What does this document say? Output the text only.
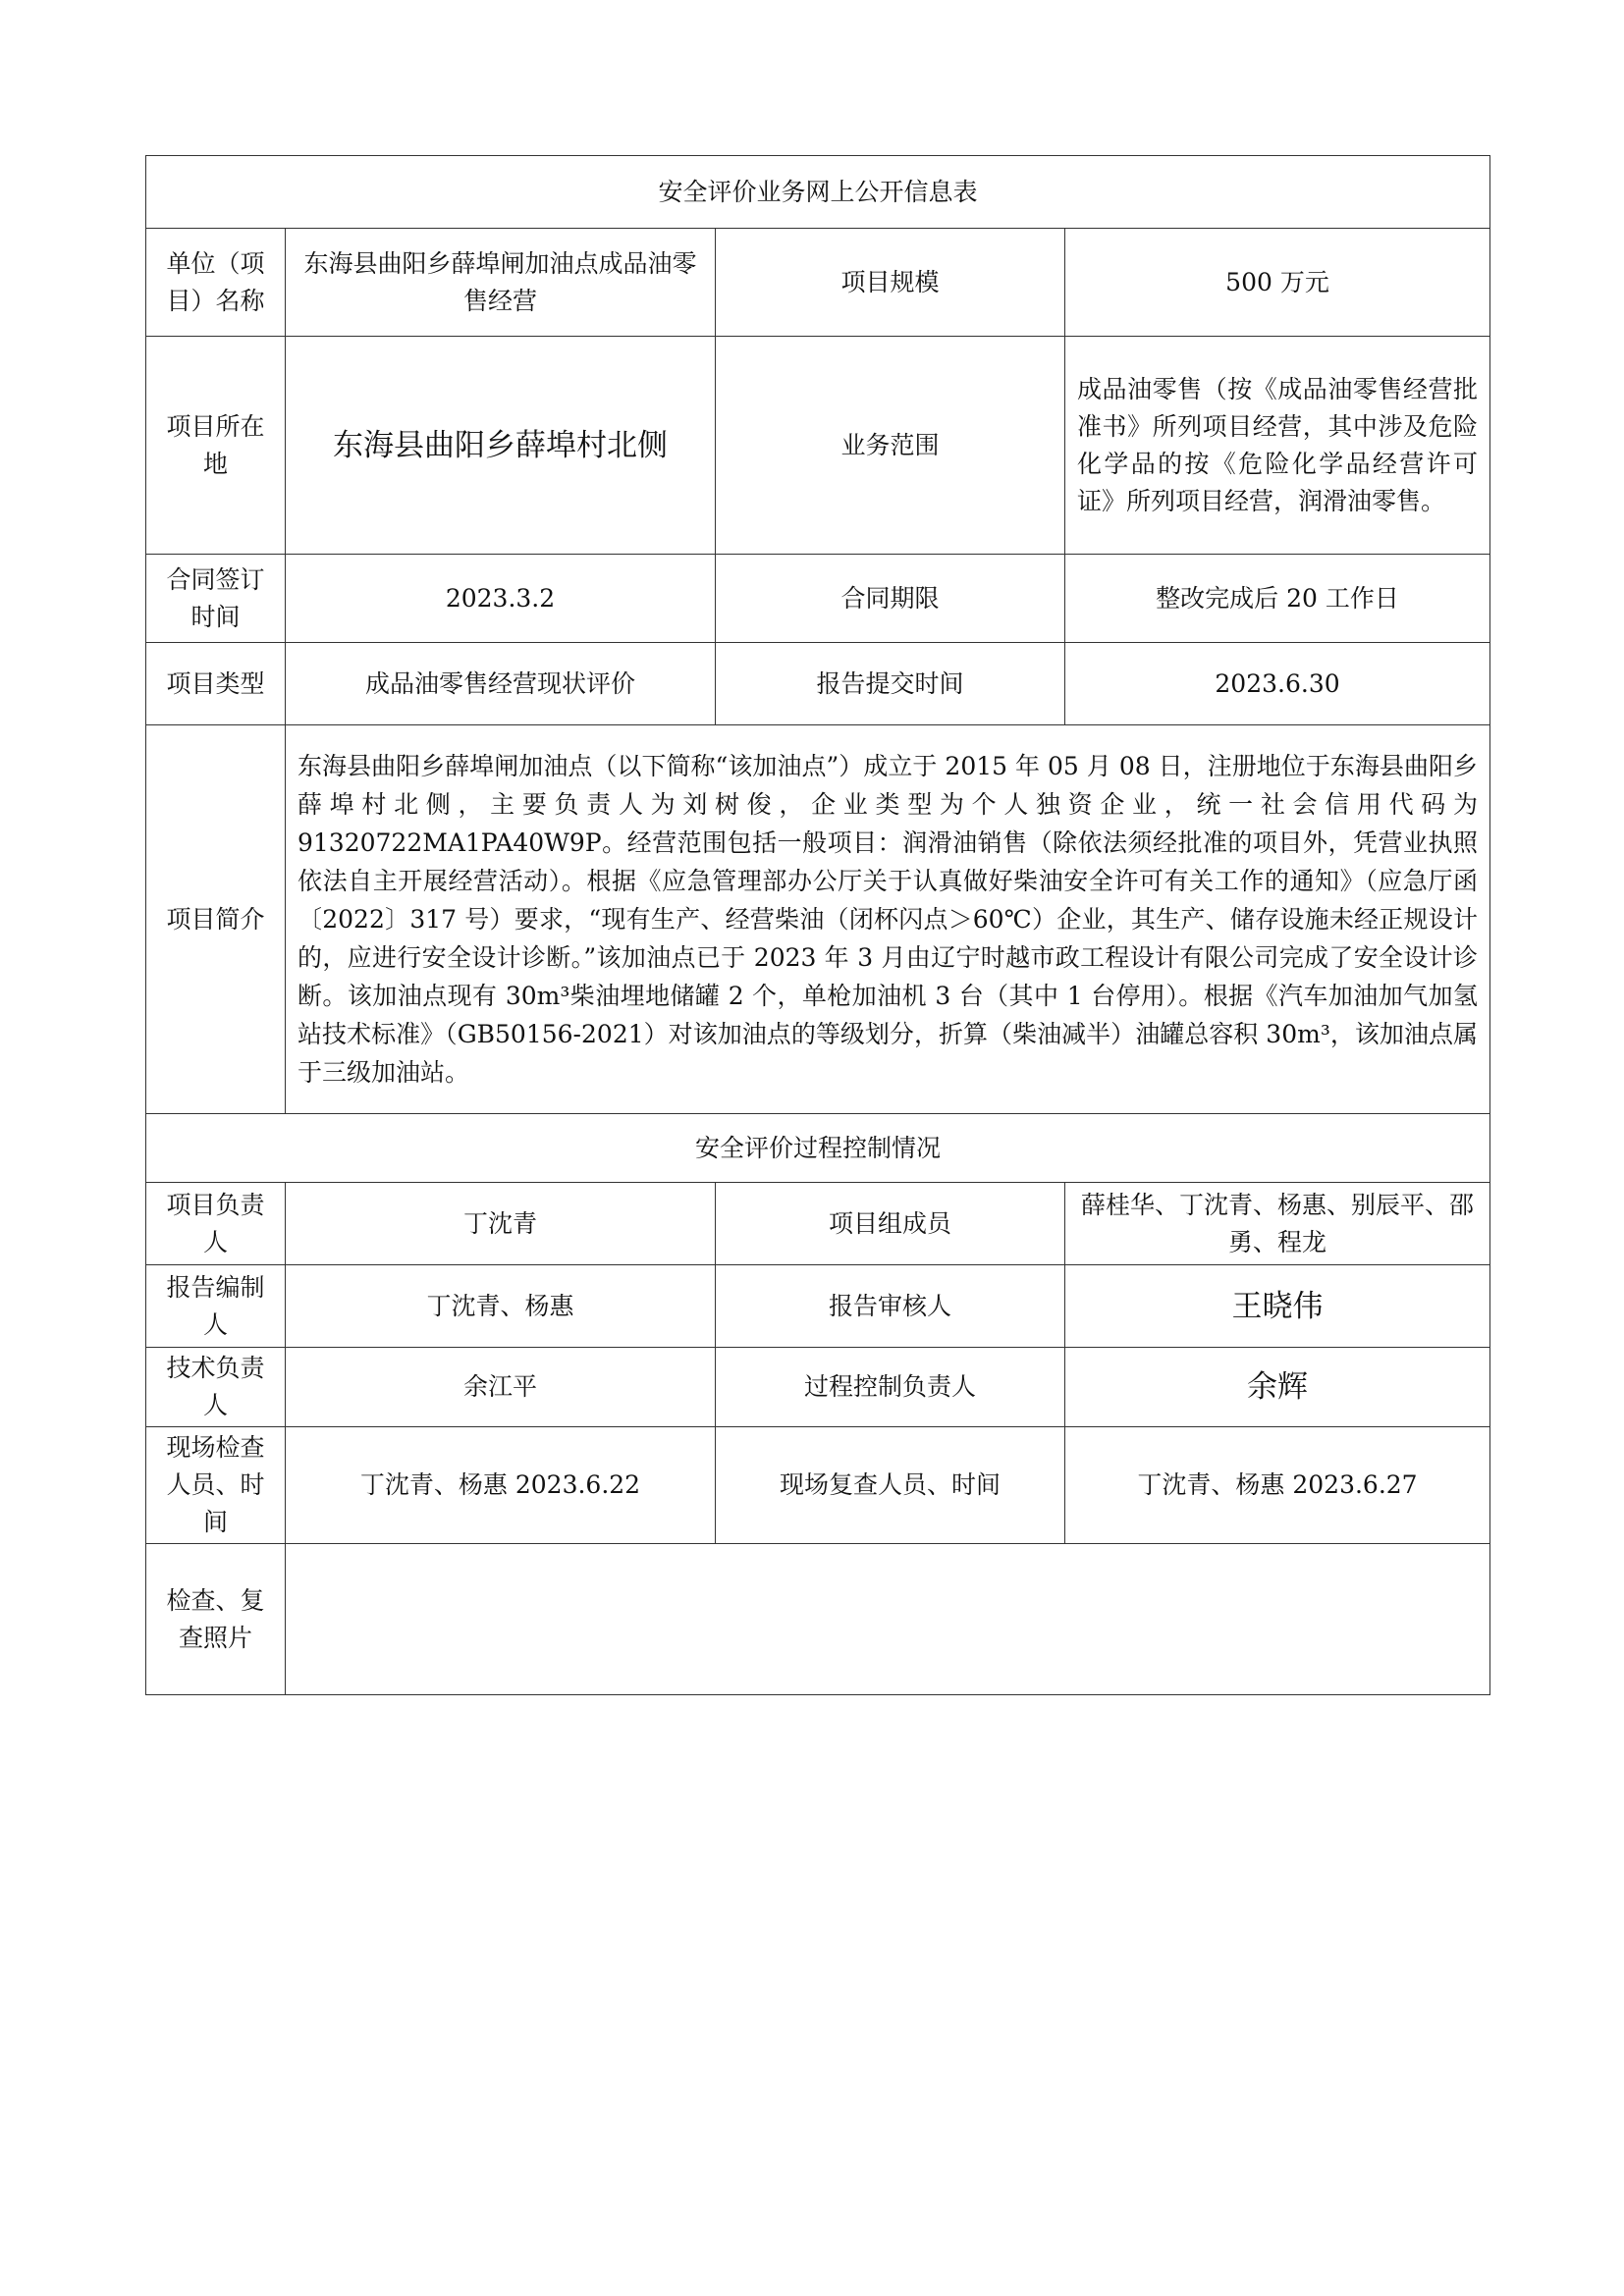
安全评价业务网上公开信息表			
单位（项目）名称	东海县曲阳乡薛埠闸加油点成品油零售经营	项目规模	500 万元
项目所在地	东海县曲阳乡薛埠村北侧	业务范围	成品油零售（按《成品油零售经营批准书》所列项目经营，其中涉及危险化学品的按《危险化学品经营许可证》所列项目经营，润滑油零售。
合同签订时间	2023.3.2	合同期限	整改完成后 20 工作日
项目类型	成品油零售经营现状评价	报告提交时间	2023.6.30
项目简介	东海县曲阳乡薛埠闸加油点（以下简称“该加油点”）成立于 2015 年 05 月 08 日，注册地位于东海县曲阳乡薛埠村北侧，主要负责人为刘树俊，企业类型为个人独资企业，统一社会信用代码为 91320722MA1PA40W9P。经营范围包括一般项目：润滑油销售（除依法须经批准的项目外，凭营业执照依法自主开展经营活动）。根据《应急管理部办公厅关于认真做好柴油安全许可有关工作的通知》（应急厅函〔2022〕317 号）要求，“现有生产、经营柴油（闭杯闪点＞60℃）企业，其生产、储存设施未经正规设计的，应进行安全设计诊断。”该加油点已于 2023 年 3 月由辽宁时越市政工程设计有限公司完成了安全设计诊断。该加油点现有 30m³柴油埋地储罐 2 个，单枪加油机 3 台（其中 1 台停用）。根据《汽车加油加气加氢站技术标准》（GB50156-2021）对该加油点的等级划分，折算（柴油减半）油罐总容积 30m³，该加油点属于三级加油站。		
安全评价过程控制情况			
项目负责人	丁沈青	项目组成员	薛桂华、丁沈青、杨惠、别辰平、邵勇、程龙
报告编制人	丁沈青、杨惠	报告审核人	王晓伟
技术负责人	余江平	过程控制负责人	余辉
现场检查人员、时间	丁沈青、杨惠 2023.6.22	现场复查人员、时间	丁沈青、杨惠 2023.6.27
检查、复查照片			
